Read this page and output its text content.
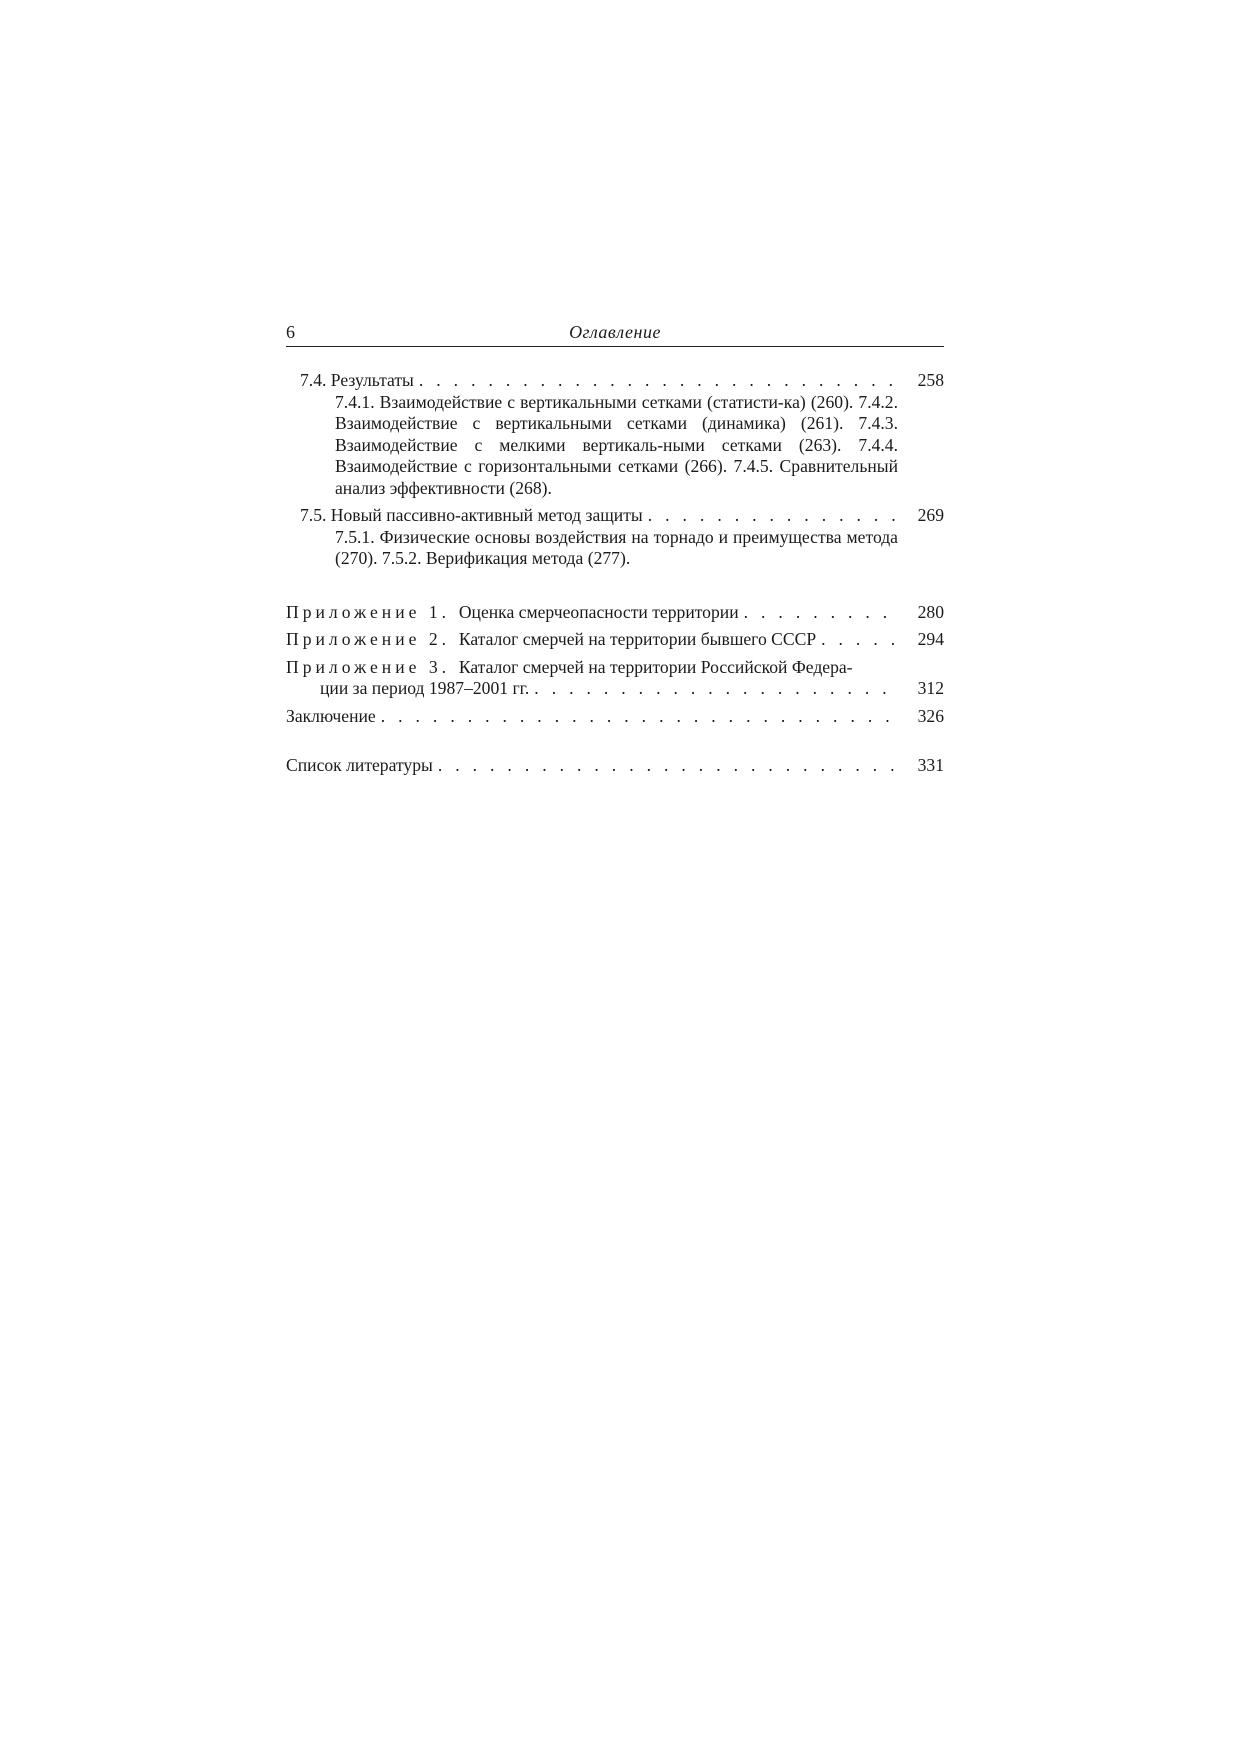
6	Оглавление
7.4. Результаты . . .	258
7.4.1. Взаимодействие с вертикальными сетками (статисти-ка) (260). 7.4.2. Взаимодействие с вертикальными сетками (динамика) (261). 7.4.3. Взаимодействие с мелкими вертикаль-ными сетками (263). 7.4.4. Взаимодействие с горизонтальными сетками (266). 7.4.5. Сравнительный анализ эффективности (268).
7.5. Новый пассивно-активный метод защиты . . .	269
7.5.1. Физические основы воздействия на торнадо и преимущества метода (270). 7.5.2. Верификация метода (277).
Приложение 1. Оценка смерчеопасности территории . . .	280
Приложение 2. Каталог смерчей на территории бывшего СССР . . .	294
Приложение 3. Каталог смерчей на территории Российской Федера-
ции за период 1987–2001 гг. . . .	312
Заключение . . .	326
Список литературы . . .	331
